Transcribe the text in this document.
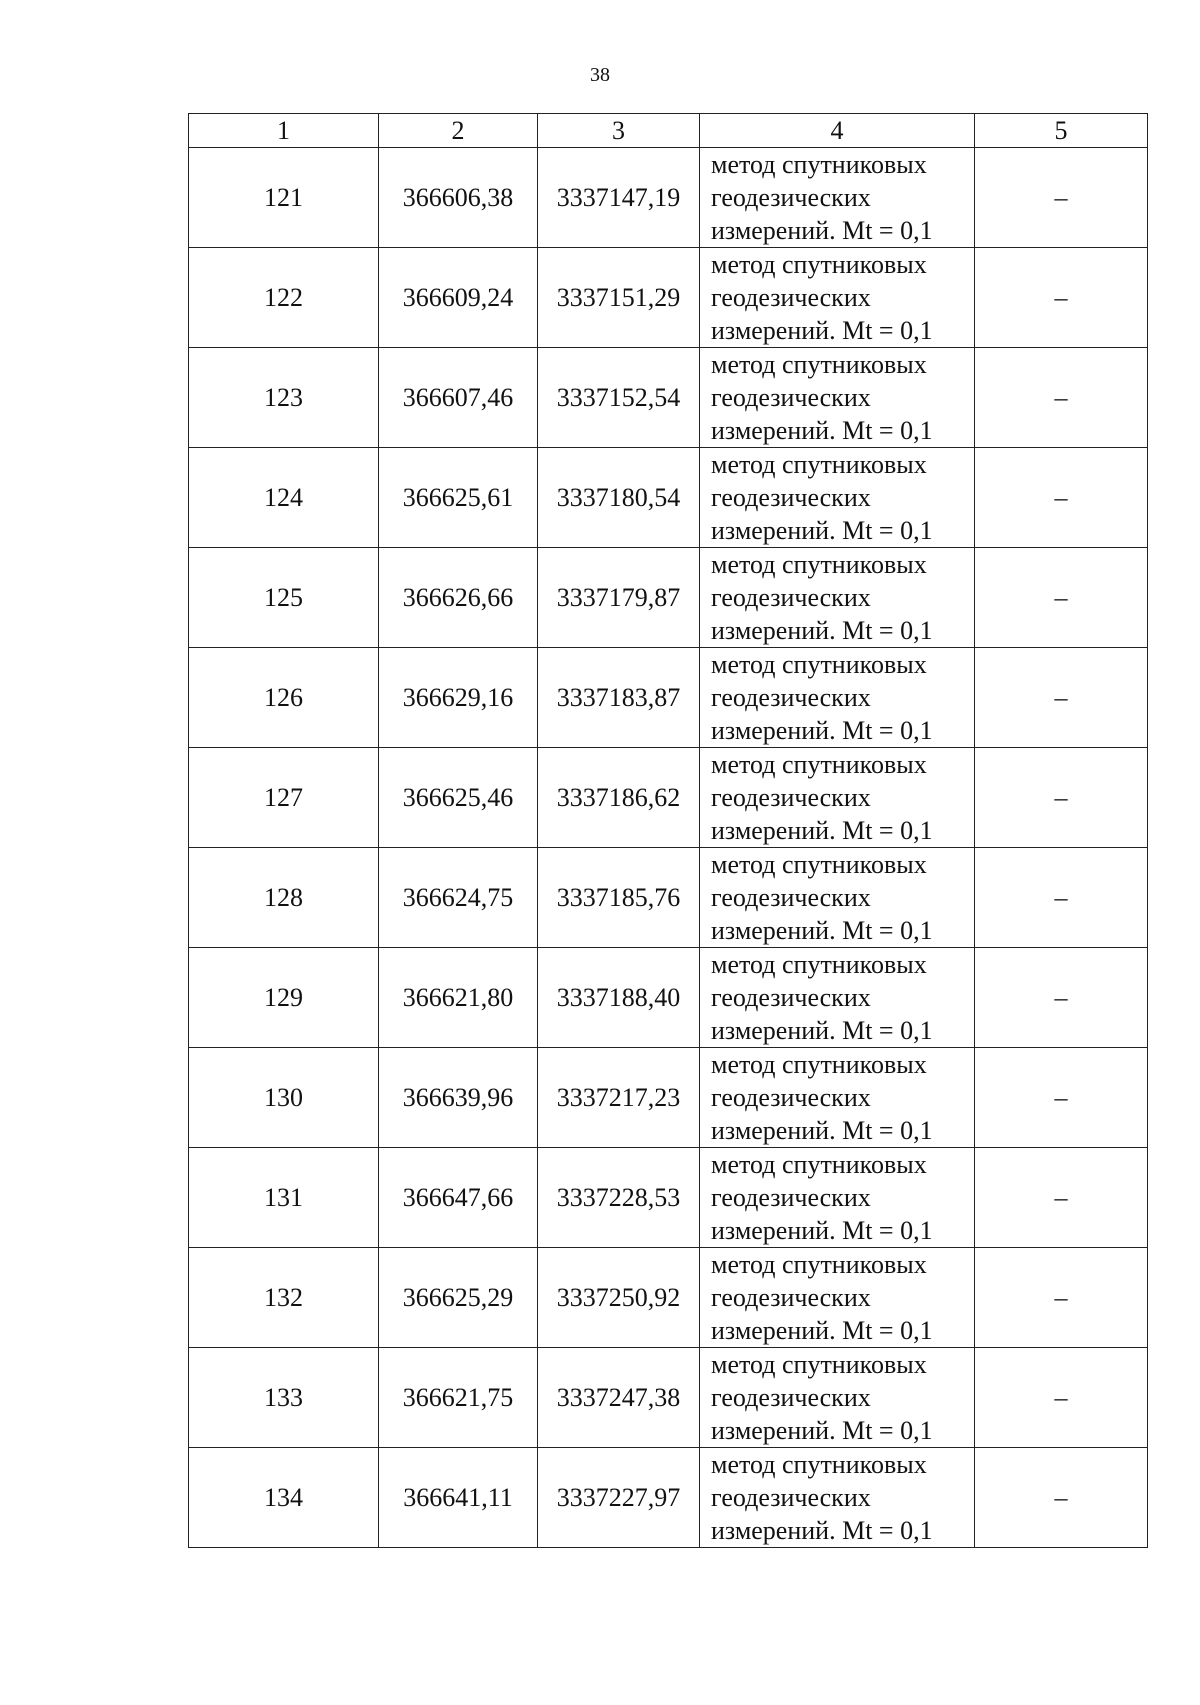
38
1	2	3	4	5
121	366606,38	3337147,19	метод спутниковых
геодезических
измерений. Mt = 0,1	–
122	366609,24	3337151,29	метод спутниковых
геодезических
измерений. Mt = 0,1	–
123	366607,46	3337152,54	метод спутниковых
геодезических
измерений. Mt = 0,1	–
124	366625,61	3337180,54	метод спутниковых
геодезических
измерений. Mt = 0,1	–
125	366626,66	3337179,87	метод спутниковых
геодезических
измерений. Mt = 0,1	–
126	366629,16	3337183,87	метод спутниковых
геодезических
измерений. Mt = 0,1	–
127	366625,46	3337186,62	метод спутниковых
геодезических
измерений. Mt = 0,1	–
128	366624,75	3337185,76	метод спутниковых
геодезических
измерений. Mt = 0,1	–
129	366621,80	3337188,40	метод спутниковых
геодезических
измерений. Mt = 0,1	–
130	366639,96	3337217,23	метод спутниковых
геодезических
измерений. Mt = 0,1	–
131	366647,66	3337228,53	метод спутниковых
геодезических
измерений. Mt = 0,1	–
132	366625,29	3337250,92	метод спутниковых
геодезических
измерений. Mt = 0,1	–
133	366621,75	3337247,38	метод спутниковых
геодезических
измерений. Mt = 0,1	–
134	366641,11	3337227,97	метод спутниковых
геодезических
измерений. Mt = 0,1	–
